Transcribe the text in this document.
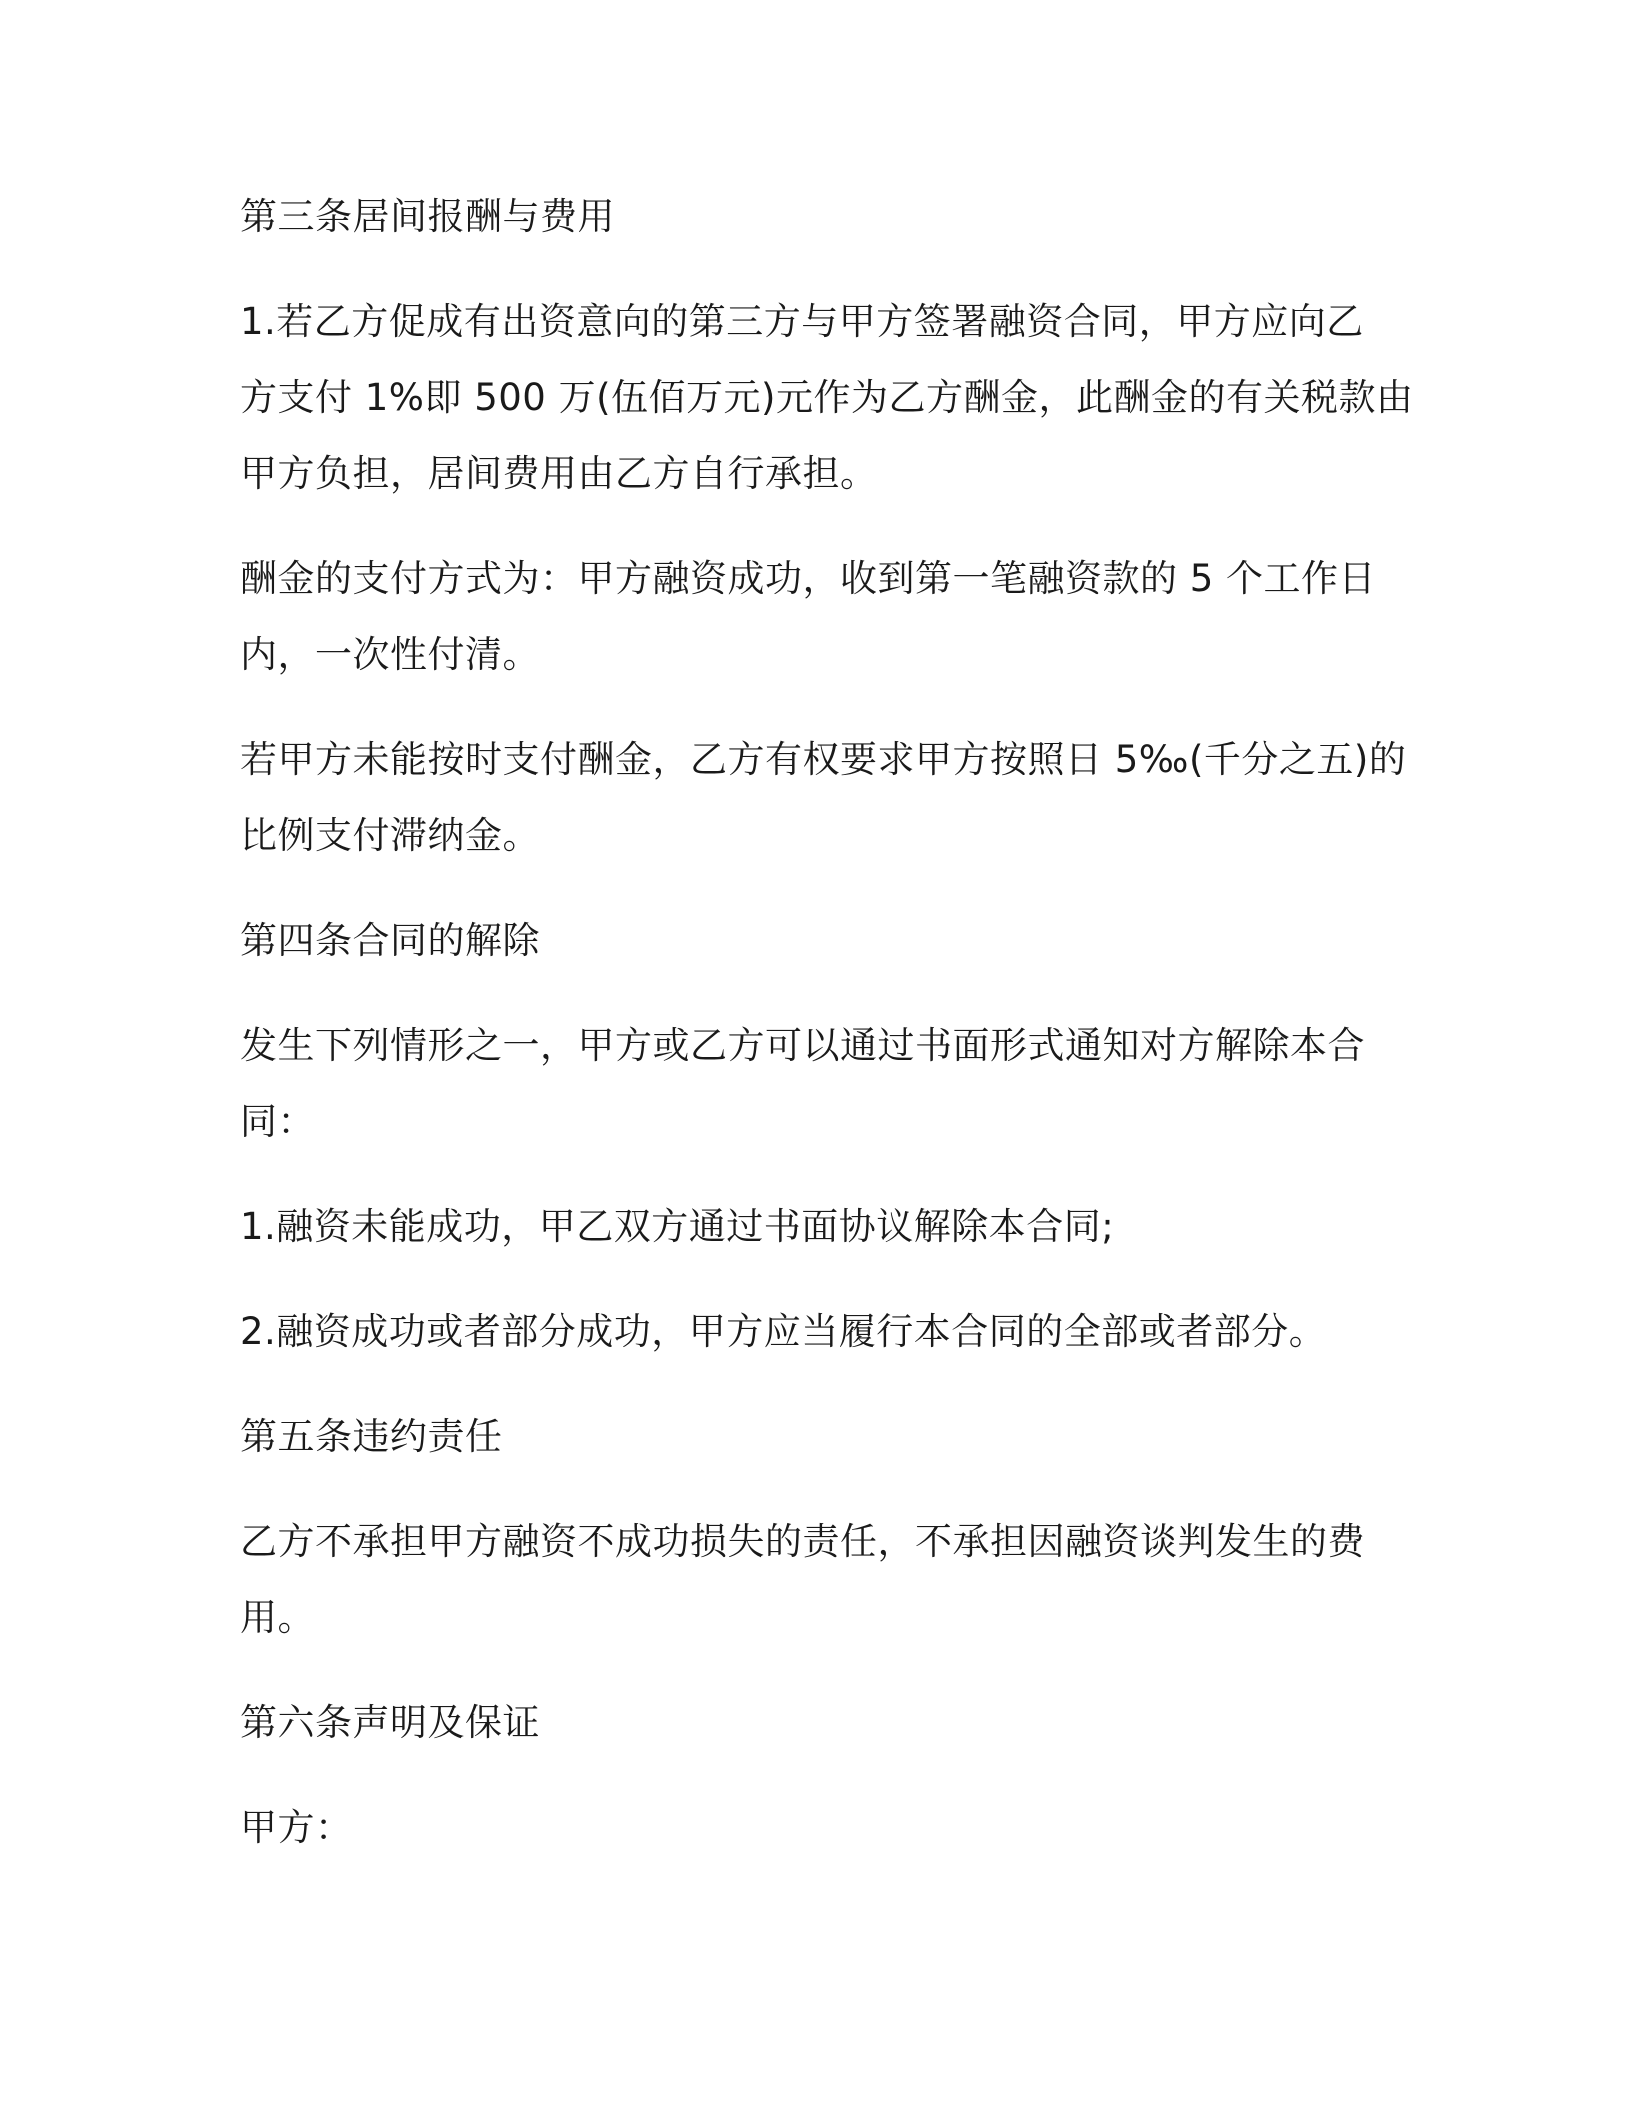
第三条居间报酬与费用

1.若乙方促成有出资意向的第三方与甲方签署融资合同，甲方应向乙

方支付 1%即 500 万(伍佰万元)元作为乙方酬金，此酬金的有关税款由

甲方负担，居间费用由乙方自行承担。

酬金的支付方式为：甲方融资成功，收到第一笔融资款的 5 个工作日

内，一次性付清。

若甲方未能按时支付酬金，乙方有权要求甲方按照日 5‰(千分之五)的

比例支付滞纳金。

第四条合同的解除

发生下列情形之一，甲方或乙方可以通过书面形式通知对方解除本合

同：

1.融资未能成功，甲乙双方通过书面协议解除本合同;

2.融资成功或者部分成功，甲方应当履行本合同的全部或者部分。

第五条违约责任

乙方不承担甲方融资不成功损失的责任，不承担因融资谈判发生的费

用。

第六条声明及保证

甲方：
